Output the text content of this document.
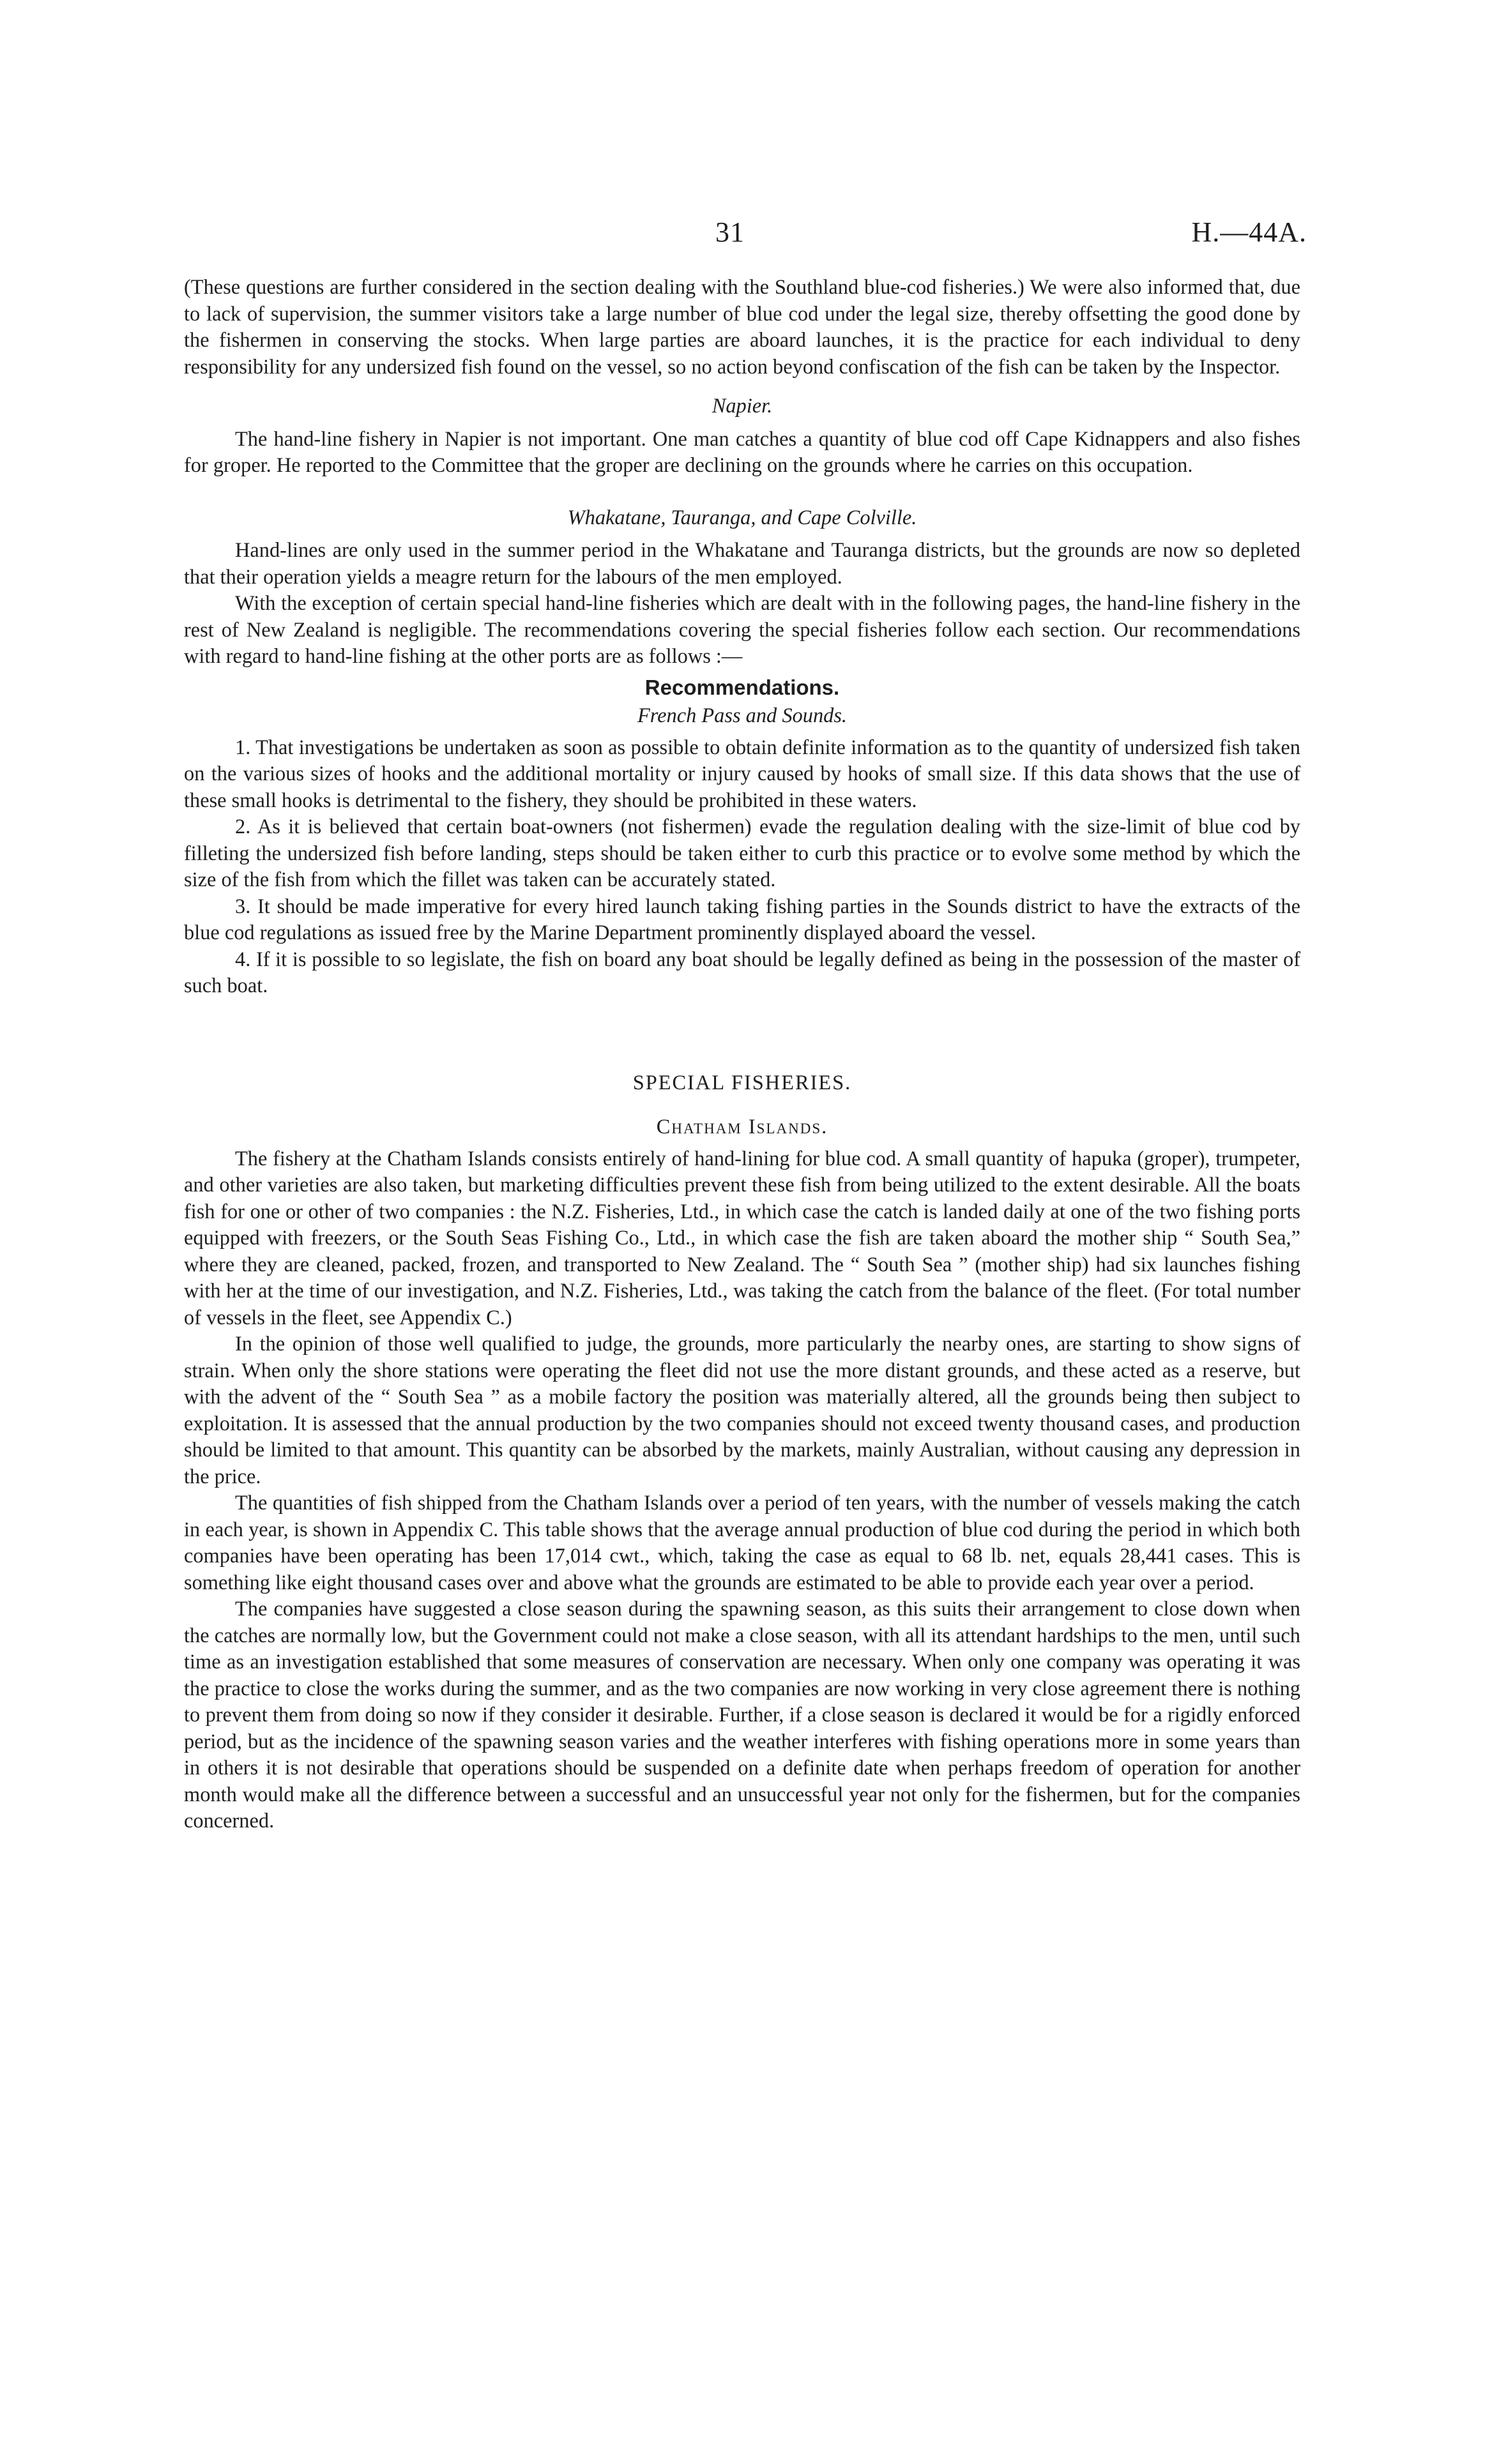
31	H.—44A.

(These questions are further considered in the section dealing with the Southland blue-cod fisheries.) We were also informed that, due to lack of supervision, the summer visitors take a large number of blue cod under the legal size, thereby offsetting the good done by the fishermen in conserving the stocks. When large parties are aboard launches, it is the practice for each individual to deny responsibility for any undersized fish found on the vessel, so no action beyond confiscation of the fish can be taken by the Inspector.

Napier.

The hand-line fishery in Napier is not important. One man catches a quantity of blue cod off Cape Kidnappers and also fishes for groper. He reported to the Committee that the groper are declining on the grounds where he carries on this occupation.

Whakatane, Tauranga, and Cape Colville.

Hand-lines are only used in the summer period in the Whakatane and Tauranga districts, but the grounds are now so depleted that their operation yields a meagre return for the labours of the men employed.

With the exception of certain special hand-line fisheries which are dealt with in the following pages, the hand-line fishery in the rest of New Zealand is negligible. The recommendations covering the special fisheries follow each section. Our recommendations with regard to hand-line fishing at the other ports are as follows :—

Recommendations.
French Pass and Sounds.

1. That investigations be undertaken as soon as possible to obtain definite information as to the quantity of undersized fish taken on the various sizes of hooks and the additional mortality or injury caused by hooks of small size. If this data shows that the use of these small hooks is detrimental to the fishery, they should be prohibited in these waters.

2. As it is believed that certain boat-owners (not fishermen) evade the regulation dealing with the size-limit of blue cod by filleting the undersized fish before landing, steps should be taken either to curb this practice or to evolve some method by which the size of the fish from which the fillet was taken can be accurately stated.

3. It should be made imperative for every hired launch taking fishing parties in the Sounds district to have the extracts of the blue cod regulations as issued free by the Marine Department prominently displayed aboard the vessel.

4. If it is possible to so legislate, the fish on board any boat should be legally defined as being in the possession of the master of such boat.

SPECIAL FISHERIES.
Chatham Islands.

The fishery at the Chatham Islands consists entirely of hand-lining for blue cod. A small quantity of hapuka (groper), trumpeter, and other varieties are also taken, but marketing difficulties prevent these fish from being utilized to the extent desirable. All the boats fish for one or other of two companies : the N.Z. Fisheries, Ltd., in which case the catch is landed daily at one of the two fishing ports equipped with freezers, or the South Seas Fishing Co., Ltd., in which case the fish are taken aboard the mother ship “ South Sea,” where they are cleaned, packed, frozen, and transported to New Zealand. The “ South Sea ” (mother ship) had six launches fishing with her at the time of our investigation, and N.Z. Fisheries, Ltd., was taking the catch from the balance of the fleet. (For total number of vessels in the fleet, see Appendix C.)

In the opinion of those well qualified to judge, the grounds, more particularly the nearby ones, are starting to show signs of strain. When only the shore stations were operating the fleet did not use the more distant grounds, and these acted as a reserve, but with the advent of the “ South Sea ” as a mobile factory the position was materially altered, all the grounds being then subject to exploitation. It is assessed that the annual production by the two companies should not exceed twenty thousand cases, and production should be limited to that amount. This quantity can be absorbed by the markets, mainly Australian, without causing any depression in the price.

The quantities of fish shipped from the Chatham Islands over a period of ten years, with the number of vessels making the catch in each year, is shown in Appendix C. This table shows that the average annual production of blue cod during the period in which both companies have been operating has been 17,014 cwt., which, taking the case as equal to 68 lb. net, equals 28,441 cases. This is something like eight thousand cases over and above what the grounds are estimated to be able to provide each year over a period.

The companies have suggested a close season during the spawning season, as this suits their arrangement to close down when the catches are normally low, but the Government could not make a close season, with all its attendant hardships to the men, until such time as an investigation established that some measures of conservation are necessary. When only one company was operating it was the practice to close the works during the summer, and as the two companies are now working in very close agreement there is nothing to prevent them from doing so now if they consider it desirable. Further, if a close season is declared it would be for a rigidly enforced period, but as the incidence of the spawning season varies and the weather interferes with fishing operations more in some years than in others it is not desirable that operations should be suspended on a definite date when perhaps freedom of operation for another month would make all the difference between a successful and an unsuccessful year not only for the fishermen, but for the companies concerned.
